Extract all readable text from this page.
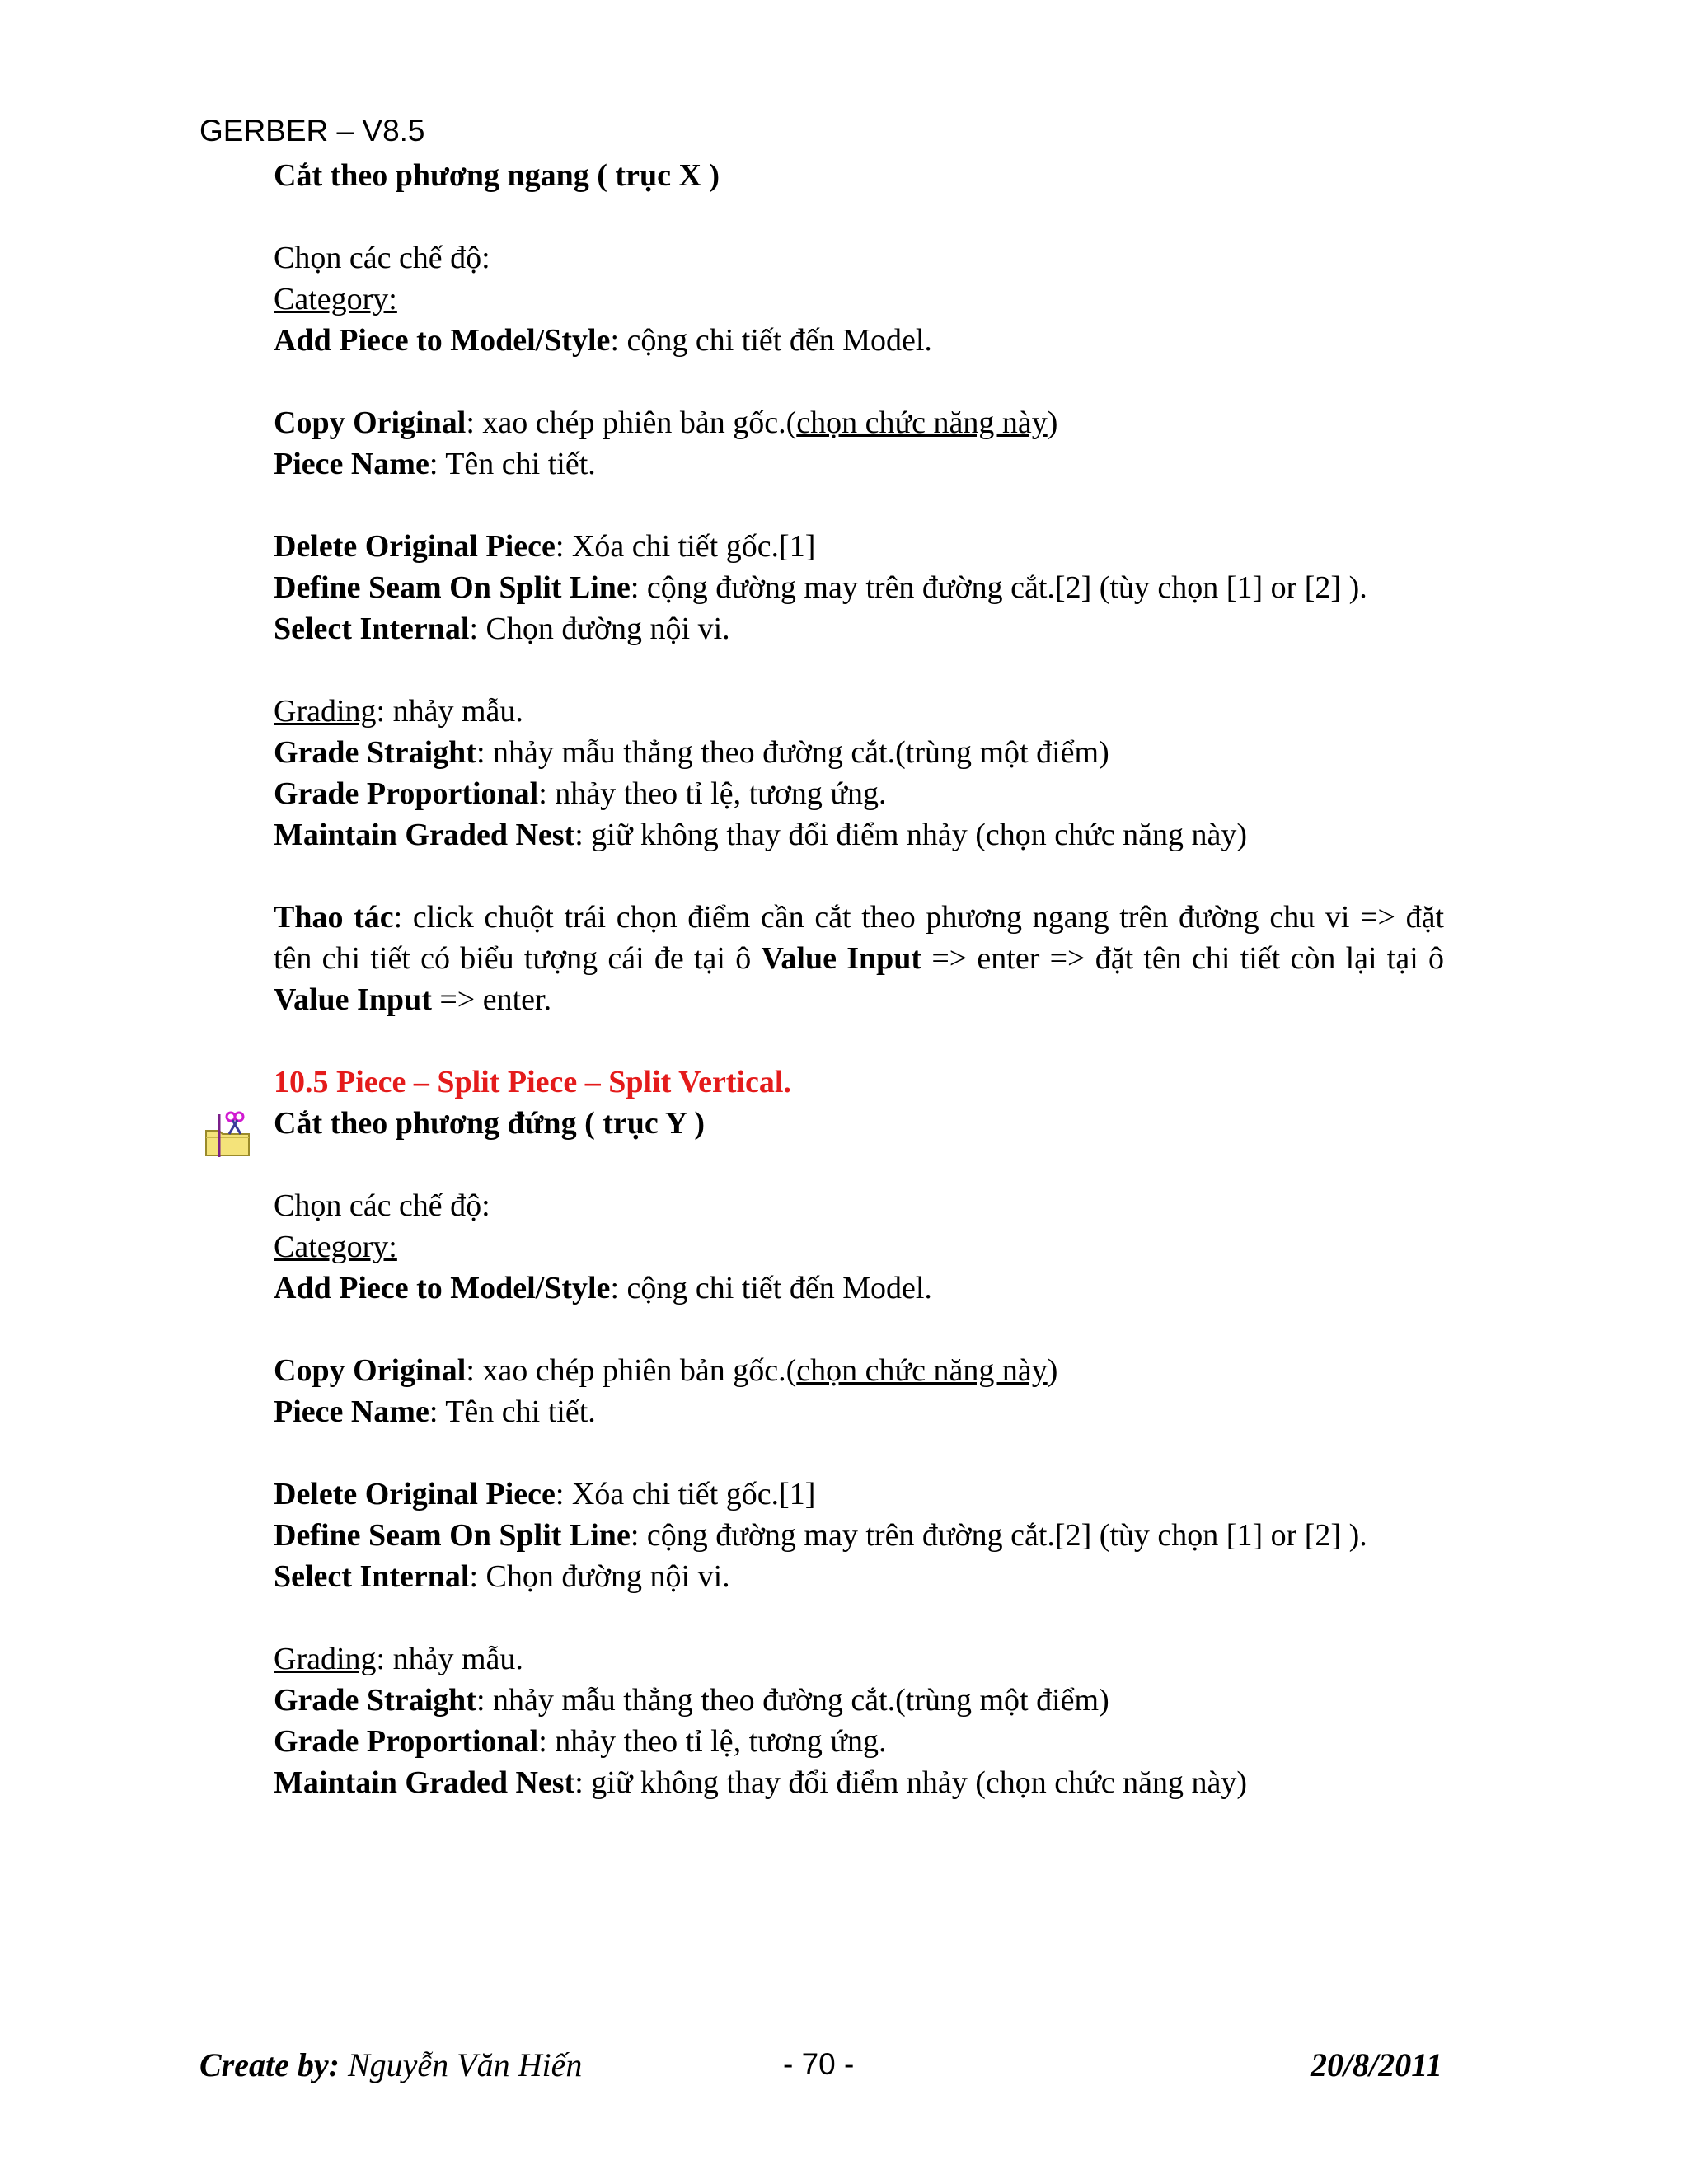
GERBER – V8.5

Cắt theo phương ngang ( trục X )

Chọn các chế độ:

Category:

Add Piece to Model/Style: cộng chi tiết đến Model.

Copy Original: xao chép phiên bản gốc.(chọn chức năng này)

Piece Name: Tên chi tiết.

Delete Original Piece: Xóa chi tiết gốc.[1]

Define Seam On Split Line: cộng đường may trên đường cắt.[2] (tùy chọn [1] or [2] ).

Select Internal: Chọn đường nội vi.

Grading: nhảy mẫu.

Grade Straight: nhảy mẫu thẳng theo đường cắt.(trùng một điểm)

Grade Proportional: nhảy theo tỉ lệ, tương ứng.

Maintain Graded Nest: giữ không thay đổi điểm nhảy (chọn chức năng này)

Thao tác: click chuột trái chọn điểm cần cắt theo phương ngang trên đường chu vi => đặt tên chi tiết có biểu tượng cái đe tại ô Value Input => enter => đặt tên chi tiết còn lại tại ô Value Input => enter.

10.5 Piece – Split Piece – Split Vertical.

Cắt theo phương đứng ( trục Y )

Chọn các chế độ:

Category:

Add Piece to Model/Style: cộng chi tiết đến Model.

Copy Original: xao chép phiên bản gốc.(chọn chức năng này)

Piece Name: Tên chi tiết.

Delete Original Piece: Xóa chi tiết gốc.[1]

Define Seam On Split Line: cộng đường may trên đường cắt.[2] (tùy chọn [1] or [2] ).

Select Internal: Chọn đường nội vi.

Grading: nhảy mẫu.

Grade Straight: nhảy mẫu thẳng theo đường cắt.(trùng một điểm)

Grade Proportional: nhảy theo tỉ lệ, tương ứng.

Maintain Graded Nest: giữ không thay đổi điểm nhảy (chọn chức năng này)

Create by: Nguyễn Văn Hiến	- 70 -	20/8/2011
